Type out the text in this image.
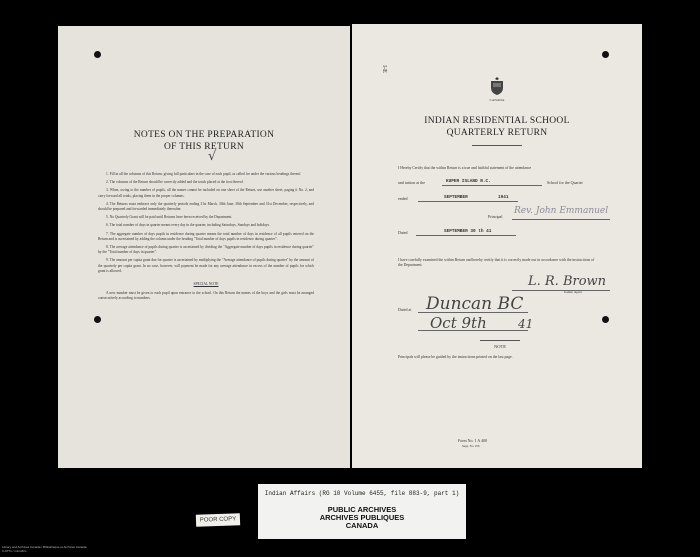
NOTES ON THE PREPARATION
OF THIS RETURN
√
1. Fill in all the columns of this Return, giving full particulars in the case of each pupil, as called for under the various headings thereof.
2. The columns of the Return should be correctly added and the totals placed at the foot thereof.
3. When, owing to the number of pupils, all the names cannot be included on one sheet of the Return, use another sheet, paging it No. 2, and carry forward all totals, placing them in the proper columns.
4. The Returns must embrace only the quarterly periods ending 31st March, 30th June, 30th September and 31st December, respectively, and should be prepared and forwarded immediately thereafter.
5. No Quarterly Grant will be paid until Returns have been received by the Department.
6. The total number of days in quarter means every day in the quarter, including Saturdays, Sundays and holidays.
7. The aggregate number of days pupils in residence during quarter means the total number of days in residence of all pupils entered on the Return and is ascertained by adding the column under the heading "Total number of days pupils in residence during quarter".
8. The average attendance of pupils during quarter is ascertained by dividing the "Aggregate number of days pupils in residence during quarter" by the "Total number of days in quarter".
9. The amount per capita grant due for quarter is ascertained by multiplying the "Average attendance of pupils during quarter" by the amount of the quarterly per capita grant. In no case, however, will payment be made for any average attendance in excess of the number of pupils for which grant is allowed.
SPECIAL NOTE
A new number must be given to each pupil upon entrance to the school. On this Return the names of the boys and the girls must be arranged consecutively according to numbers.
I-E
CANADA
INDIAN RESIDENTIAL SCHOOL
QUARTERLY RETURN
I Hereby Certify that the within Return is a true and faithful statement of the attendance
and tuition at the	KUPER ISLAND R.C.	School for the Quarter
ended	SEPTEMBER	1941
Principal
Rev. John Emmanuel
Dated	SEPTEMBER 30 th 41
I have carefully examined the within Return and hereby certify that it is correctly made out in accordance with the instructions of the Department.
L. R. Brown
Indian Agent
Dated at Duncan BC
Oct 9th	41
NOTE
Principals will please be guided by the instructions printed on the last page.
Form No. 1 A 400
Supp. No. 256
Indian Affairs (RG 10 Volume 6455, file 883-9, part 1)
PUBLIC ARCHIVES
ARCHIVES PUBLIQUES
CANADA
POOR COPY
Library and Archives Canada / Bibliothèque et Archives Canada
C-8771 / microfilm
